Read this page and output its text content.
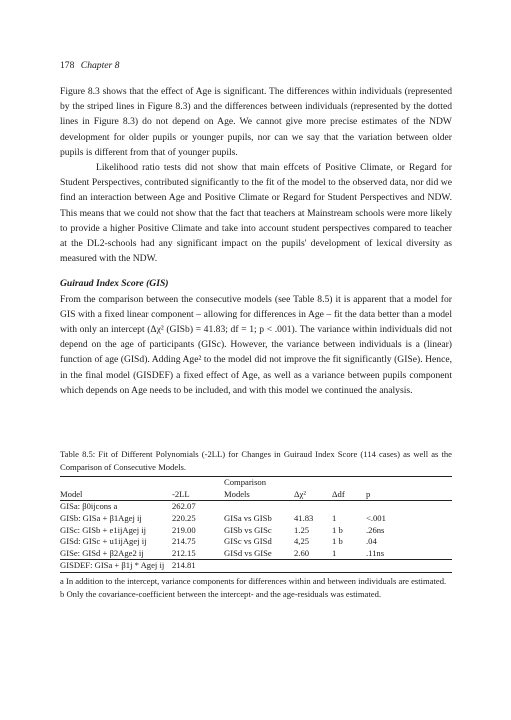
178 Chapter 8

Figure 8.3 shows that the effect of Age is significant. The differences within individuals (represented by the striped lines in Figure 8.3) and the differences between individuals (represented by the dotted lines in Figure 8.3) do not depend on Age. We cannot give more precise estimates of the NDW development for older pupils or younger pupils, nor can we say that the variation between older pupils is different from that of younger pupils.

Likelihood ratio tests did not show that main effcets of Positive Climate, or Regard for Student Perspectives, contributed significantly to the fit of the model to the observed data, nor did we find an interaction between Age and Positive Climate or Regard for Student Perspectives and NDW. This means that we could not show that the fact that teachers at Mainstream schools were more likely to provide a higher Positive Climate and take into account student perspectives compared to teacher at the DL2-schools had any significant impact on the pupils' development of lexical diversity as measured with the NDW.

Guiraud Index Score (GIS)

From the comparison between the consecutive models (see Table 8.5) it is apparent that a model for GIS with a fixed linear component – allowing for differences in Age – fit the data better than a model with only an intercept (Δχ² (GISb) = 41.83; df = 1; p < .001). The variance within individuals did not depend on the age of participants (GISc). However, the variance between individuals is a (linear) function of age (GISd). Adding Age² to the model did not improve the fit significantly (GISe). Hence, in the final model (GISDEF) a fixed effect of Age, as well as a variance between pupils component which depends on Age needs to be included, and with this model we continued the analysis.

Table 8.5: Fit of Different Polynomials (-2LL) for Changes in Guiraud Index Score (114 cases) as well as the Comparison of Consecutive Models.
		Comparison			
Model	-2LL	Models	Δχ²	Δdf	p
GISa: β0ijcons a	262.07				
GISb: GISa + β1Agej ij	220.25	GISa vs GISb	41.83	1	<.001
GISc: GISb + e1ijAgej ij	219.00	GISb vs GISc	1.25	1 b	.26ns
GISd: GISc + u1ijAgej ij	214.75	GISc vs GISd	4,25	1 b	.04
GISe: GISd + β2Age2 ij	212.15	GISd vs GISe	2.60	1	.11ns
GISDEF: GISa + β1j * Agej ij	214.81				

a In addition to the intercept, variance components for differences within and between individuals are estimated.

b Only the covariance-coefficient between the intercept- and the age-residuals was estimated.
